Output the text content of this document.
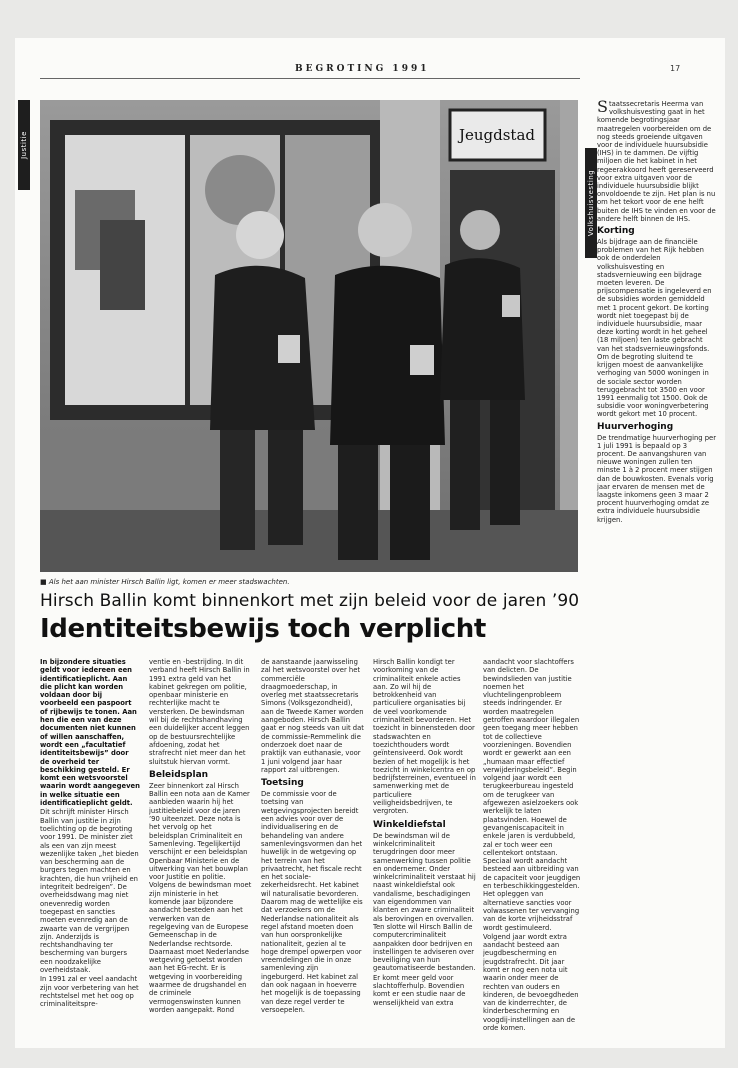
BEGROTING 1991	17
Justitie	Jeugdstad
■ Als het aan minister Hirsch Ballin ligt, komen er meer stadswachten.
Hirsch Ballin komt binnenkort met zijn beleid voor de jaren ’90
Identiteitsbewijs toch verplicht

In bijzondere situaties geldt voor iedereen een identificatieplicht. Aan die plicht kan worden voldaan door bij voorbeeld een paspoort of rijbewijs te tonen. Aan hen die een van deze documenten niet kunnen of willen aanschaffen, wordt een „facultatief identiteitsbewijs” door de overheid ter beschikking gesteld. Er komt een wetsvoorstel waarin wordt aangegeven in welke situatie een identificatieplicht geldt.

Dit schrijft minister Hirsch Ballin van justitie in zijn toelichting op de begroting voor 1991. De minister ziet als een van zijn meest wezenlijke taken „het bieden van bescherming aan de burgers tegen machten en krachten, die hun vrijheid en integriteit bedreigen”. De overheidsdwang mag niet onevenredig worden toegepast en sancties moeten evenredig aan de zwaarte van de vergrijpen zijn. Anderzijds is rechtshandhaving ter bescherming van burgers een noodzakelijke overheidstaak.

In 1991 zal er veel aandacht zijn voor verbetering van het rechtstelsel met het oog op criminaliteitspre-

ventie en -bestrijding. In dit verband heeft Hirsch Ballin in 1991 extra geld van het kabinet gekregen om politie, openbaar ministerie en rechterlijke macht te versterken. De bewindsman wil bij de rechtshandhaving een duidelijker accent leggen op de bestuursrechtelijke afdoening, zodat het strafrecht niet meer dan het sluitstuk hiervan vormt.

Beleidsplan

Zeer binnenkort zal Hirsch Ballin een nota aan de Kamer aanbieden waarin hij het justitiebeleid voor de jaren ’90 uiteenzet. Deze nota is het vervolg op het beleidsplan Criminaliteit en Samenleving. Tegelijkertijd verschijnt er een beleidsplan Openbaar Ministerie en de uitwerking van het bouwplan voor Justitie en politie. Volgens de bewindsman moet zijn ministerie in het komende jaar bijzondere aandacht besteden aan het verwerken van de regelgeving van de Europese Gemeenschap in de Nederlandse rechtsorde. Daarnaast moet Nederlandse wetgeving getoetst worden aan het EG-recht. Er is wetgeving in voorbereiding waarmee de drugshandel en de criminele vermogenswinsten kunnen worden aangepakt. Rond

de aanstaande jaarwisseling zal het wetsvoorstel over het commerciële draagmoederschap, in overleg met staatssecretaris Simons (Volksgezondheid), aan de Tweede Kamer worden aangeboden. Hirsch Ballin gaat er nog steeds van uit dat de commissie-Remmelink die onderzoek doet naar de praktijk van euthanasie, voor 1 juni volgend jaar haar rapport zal uitbrengen.

Toetsing

De commissie voor de toetsing van wetgevingsprojecten bereidt een advies voor over de individualisering en de behandeling van andere samenlevingsvormen dan het huwelijk in de wetgeving op het terrein van het privaatrecht, het fiscale recht en het sociale-zekerheidsrecht. Het kabinet wil naturalisatie bevorderen. Daarom mag de wettelijke eis dat verzoekers om de Nederlandse nationaliteit als regel afstand moeten doen van hun oorspronkelijke nationaliteit, gezien al te hoge drempel opwerpen voor vreemdelingen die in onze samenleving zijn ingeburgerd. Het kabinet zal dan ook nagaan in hoeverre het mogelijk is de toepassing van deze regel verder te versoepelen.

Hirsch Ballin kondigt ter voorkoming van de criminaliteit enkele acties aan. Zo wil hij de betrokkenheid van particuliere organisaties bij de veel voorkomende criminaliteit bevorderen. Het toezicht in binnensteden door stadswachten en toezichthouders wordt geïntensiveerd. Ook wordt bezien of het mogelijk is het toezicht in winkelcentra en op bedrijfsterreinen, eventueel in samenwerking met de particuliere veiligheidsbedrijven, te vergroten.

Winkeldiefstal

De bewindsman wil de winkelcriminaliteit terugdringen door meer samenwerking tussen politie en ondernemer. Onder winkelcriminaliteit verstaat hij naast winkeldiefstal ook vandalisme, beschadigingen van eigendommen van klanten en zware criminaliteit als berovingen en overvallen. Ten slotte wil Hirsch Ballin de computercriminaliteit aanpakken door bedrijven en instellingen te adviseren over beveiliging van hun geautomatiseerde bestanden.

Er komt meer geld voor slachtofferhulp. Bovendien komt er een studie naar de wenselijkheid van extra

aandacht voor slachtoffers van delicten. De bewindslieden van justitie noemen het vluchtelingenprobleem steeds indringender. Er worden maatregelen getroffen waardoor illegalen geen toegang meer hebben tot de collectieve voorzieningen. Bovendien wordt er gewerkt aan een „humaan maar effectief verwijderingsbeleid”. Begin volgend jaar wordt een terugkeerbureau ingesteld om de terugkeer van afgewezen asielzoekers ook werkelijk te laten plaatsvinden. Hoewel de gevangeniscapaciteit in enkele jaren is verdubbeld, zal er toch weer een cellentekort ontstaan. Speciaal wordt aandacht besteed aan uitbreiding van de capaciteit voor jeugdigen en terbeschikkinggestelden. Het opleggen van alternatieve sancties voor volwassenen ter vervanging van de korte vrijheidsstraf wordt gestimuleerd.

Volgend jaar wordt extra aandacht besteed aan jeugdbescherming en jeugdstrafrecht. Dit jaar komt er nog een nota uit waarin onder meer de rechten van ouders en kinderen, de bevoegdheden van de kinderrechter, de kinderbescherming en voogdij-instellingen aan de orde komen.

Volkshuisvesting

Staatssecretaris Heerma van volkshuisvesting gaat in het komende begrotingsjaar maatregelen voorbereiden om de nog steeds groeiende uitgaven voor de individuele huursubsidie (IHS) in te dammen. De vijftig miljoen die het kabinet in het regeerakkoord heeft gereserveerd voor extra uitgaven voor de individuele huursubsidie blijkt onvoldoende te zijn. Het plan is nu om het tekort voor de ene helft buiten de IHS te vinden en voor de andere helft binnen de IHS.

Korting

Als bijdrage aan de financiële problemen van het Rijk hebben ook de onderdelen volkshuisvesting en stadsvernieuwing een bijdrage moeten leveren. De prijscompensatie is ingeleverd en de subsidies worden gemiddeld met 1 procent gekort. De korting wordt niet toegepast bij de individuele huursubsidie, maar deze korting wordt in het geheel (18 miljoen) ten laste gebracht van het stadsvernieuwingsfonds. Om de begroting sluitend te krijgen moest de aanvankelijke verhoging van 5000 woningen in de sociale sector worden teruggebracht tot 3500 en voor 1991 eenmalig tot 1500. Ook de subsidie voor woningverbetering wordt gekort met 10 procent.

Huurverhoging

De trendmatige huurverhoging per 1 juli 1991 is bepaald op 3 procent. De aanvangshuren van nieuwe woningen zullen ten minste 1 à 2 procent meer stijgen dan de bouwkosten. Evenals vorig jaar ervaren de mensen met de laagste inkomens geen 3 maar 2 procent huurverhoging omdat ze extra individuele huursubsidie krijgen.
